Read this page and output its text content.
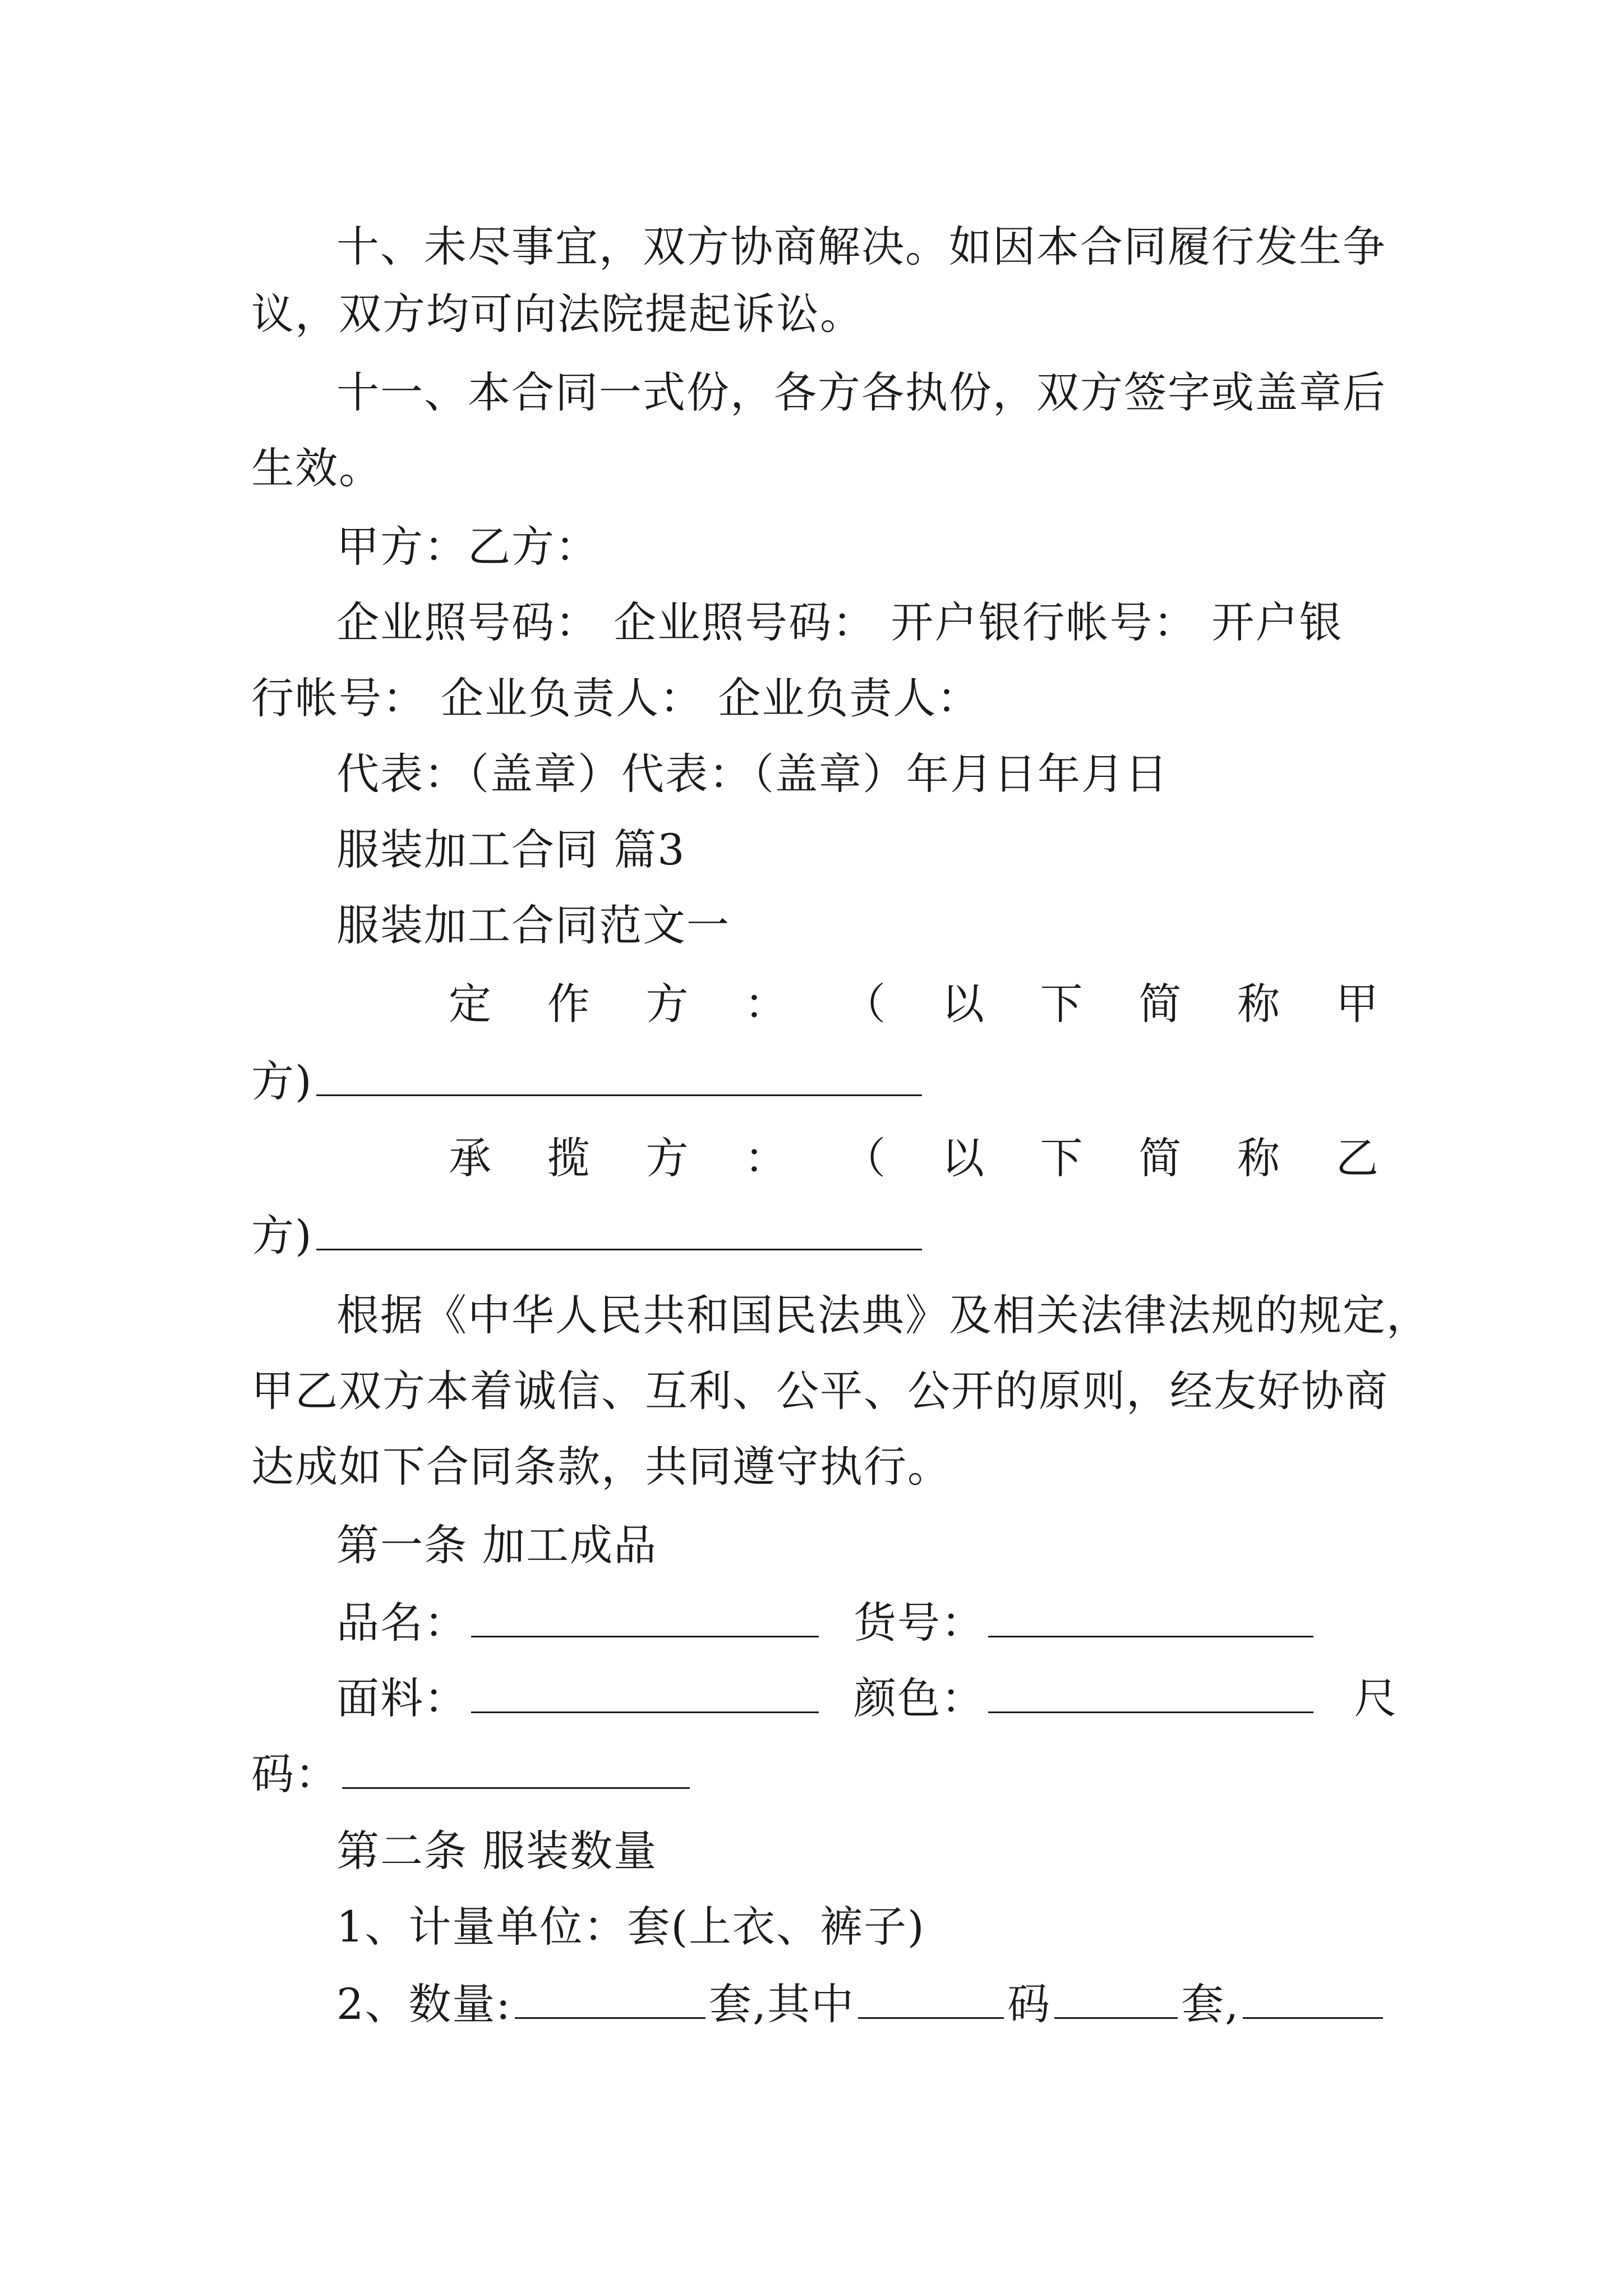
十、未尽事宜，双方协商解决。如因本合同履行发生争
议，双方均可向法院提起诉讼。
十一、本合同一式份，各方各执份，双方签字或盖章后
生效。
甲方：乙方：
企业照号码： 企业照号码： 开户银行帐号： 开户银
行帐号： 企业负责人： 企业负责人：
代表：（盖章）代表：（盖章）年月日年月日
服装加工合同 篇3
服装加工合同范文一
定 作 方 ： （ 以 下 简 称 甲
方)
承 揽 方 ： （ 以 下 简 称 乙
方)
根据《中华人民共和国民法典》及相关法律法规的规定，
甲乙双方本着诚信、互利、公平、公开的原则，经友好协商
达成如下合同条款，共同遵守执行。
第一条 加工成品
品名：	货号：
面料：	颜色：	尺
码：
第二条 服装数量
1、计量单位：套(上衣、裤子)
2、数量:	套,其中	码	套,
